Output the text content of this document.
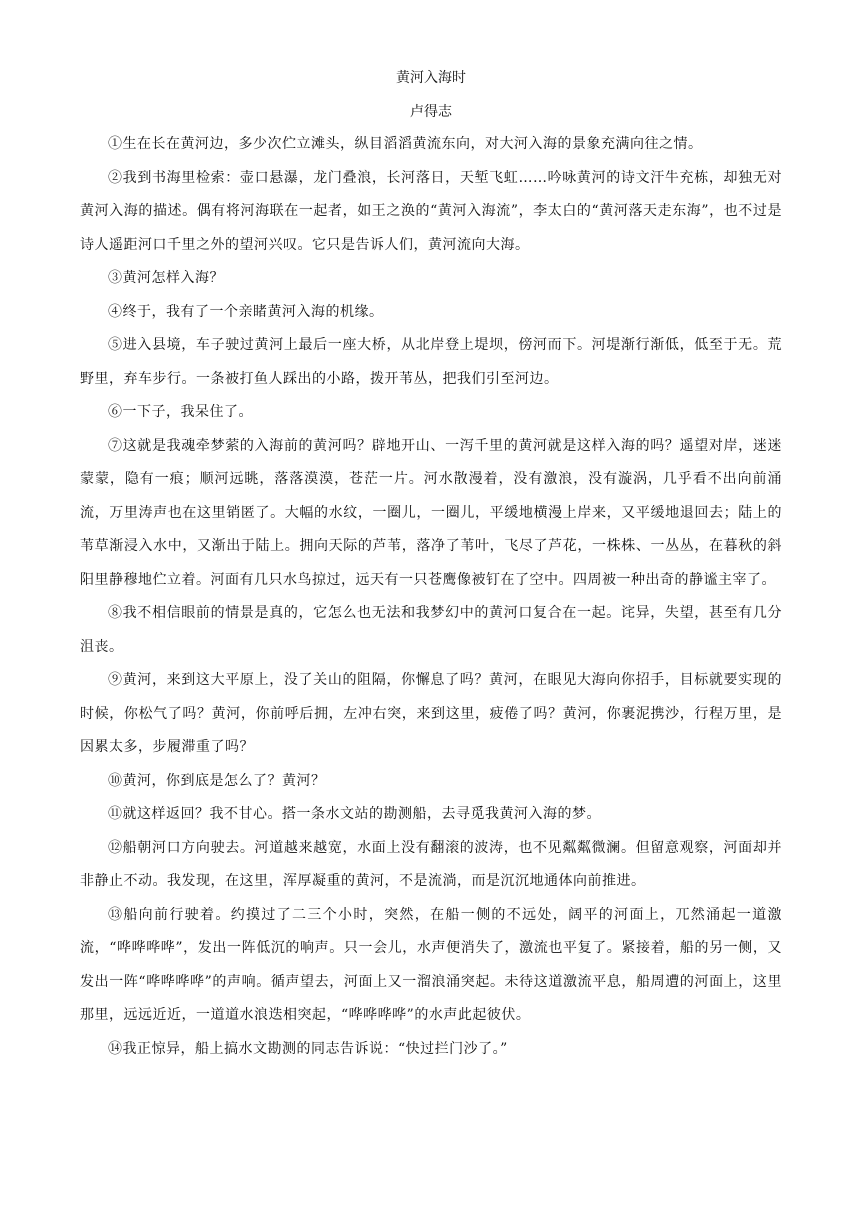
黄河入海时
卢得志

①生在长在黄河边，多少次伫立滩头，纵目滔滔黄流东向，对大河入海的景象充满向往之情。

②我到书海里检索：壶口悬瀑，龙门叠浪，长河落日，天堑飞虹……吟咏黄河的诗文汗牛充栋，却独无对黄河入海的描述。偶有将河海联在一起者，如王之涣的“黄河入海流”，李太白的“黄河落天走东海”，也不过是诗人遥距河口千里之外的望河兴叹。它只是告诉人们，黄河流向大海。

③黄河怎样入海？

④终于，我有了一个亲睹黄河入海的机缘。

⑤进入县境，车子驶过黄河上最后一座大桥，从北岸登上堤坝，傍河而下。河堤渐行渐低，低至于无。荒野里，弃车步行。一条被打鱼人踩出的小路，拨开苇丛，把我们引至河边。

⑥一下子，我呆住了。

⑦这就是我魂牵梦萦的入海前的黄河吗？辟地开山、一泻千里的黄河就是这样入海的吗？遥望对岸，迷迷蒙蒙，隐有一痕；顺河远眺，落落漠漠，苍茫一片。河水散漫着，没有激浪，没有漩涡，几乎看不出向前涌流，万里涛声也在这里销匿了。大幅的水纹，一圈儿，一圈儿，平缓地横漫上岸来，又平缓地退回去；陆上的苇草渐浸入水中，又渐出于陆上。拥向天际的芦苇，落净了苇叶，飞尽了芦花，一株株、一丛丛，在暮秋的斜阳里静穆地伫立着。河面有几只水鸟掠过，远天有一只苍鹰像被钉在了空中。四周被一种出奇的静谧主宰了。

⑧我不相信眼前的情景是真的，它怎么也无法和我梦幻中的黄河口复合在一起。诧异，失望，甚至有几分沮丧。

⑨黄河，来到这大平原上，没了关山的阻隔，你懈息了吗？黄河，在眼见大海向你招手，目标就要实现的时候，你松气了吗？黄河，你前呼后拥，左冲右突，来到这里，疲倦了吗？黄河，你裹泥携沙，行程万里，是因累太多，步履滞重了吗？

⑩黄河，你到底是怎么了？黄河？

⑪就这样返回？我不甘心。搭一条水文站的勘测船，去寻觅我黄河入海的梦。

⑫船朝河口方向驶去。河道越来越宽，水面上没有翻滚的波涛，也不见粼粼微澜。但留意观察，河面却并非静止不动。我发现，在这里，浑厚凝重的黄河，不是流淌，而是沉沉地通体向前推进。

⑬船向前行驶着。约摸过了二三个小时，突然，在船一侧的不远处，阔平的河面上，兀然涌起一道激流，“哗哗哗哗”，发出一阵低沉的响声。只一会儿，水声便消失了，激流也平复了。紧接着，船的另一侧，又发出一阵“哗哗哗哗”的声响。循声望去，河面上又一溜浪涌突起。未待这道激流平息，船周遭的河面上，这里那里，远远近近，一道道水浪迭相突起，“哗哗哗哗”的水声此起彼伏。

⑭我正惊异，船上搞水文勘测的同志告诉说：“快过拦门沙了。”
